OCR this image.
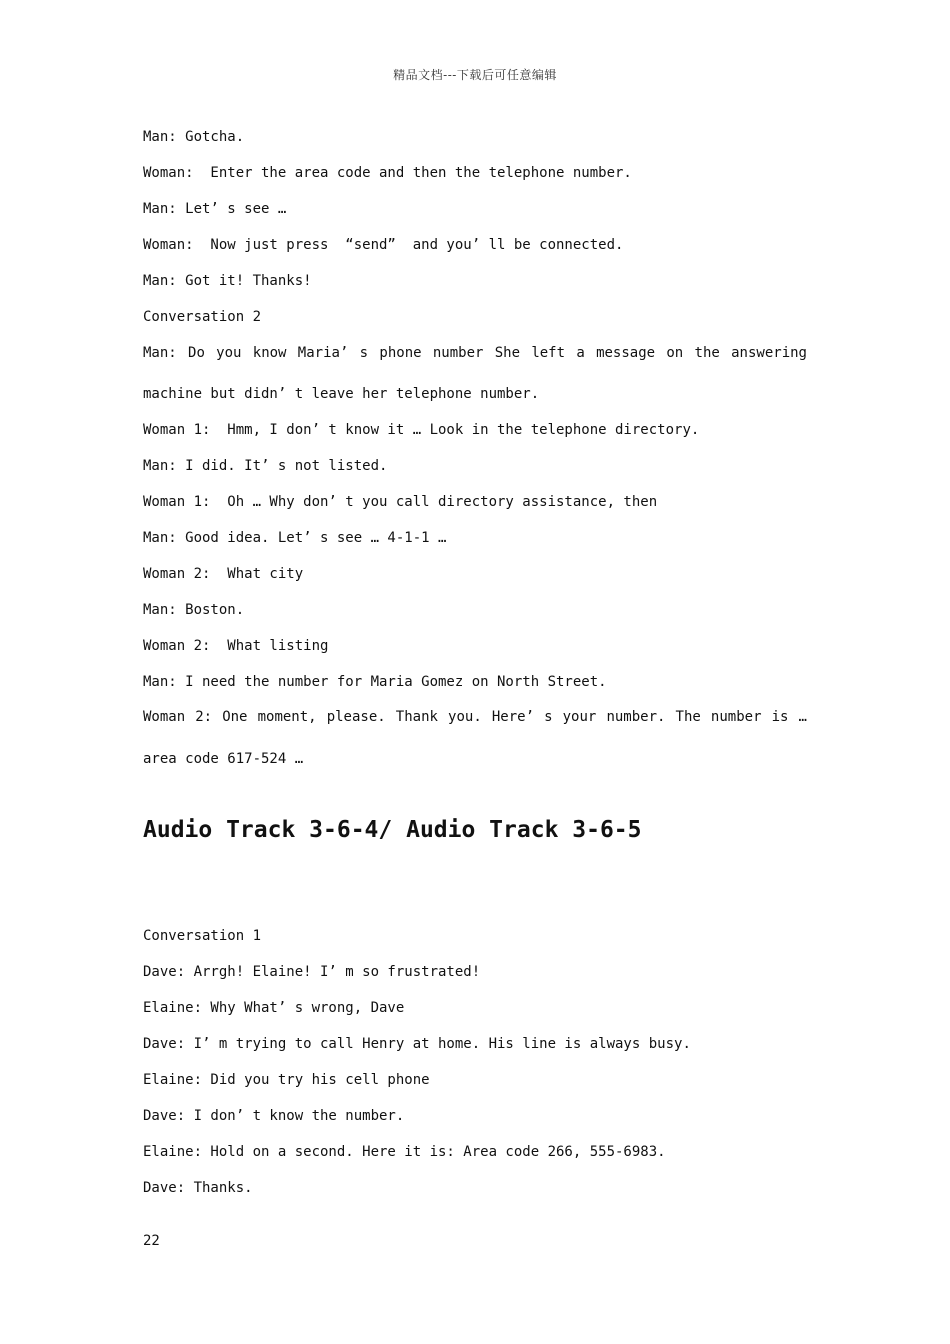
精品文档---下载后可任意编辑
Man: Gotcha.
Woman:  Enter the area code and then the telephone number.
Man: Let’ s see …
Woman:  Now just press  “send”  and you’ ll be connected.
Man: Got it! Thanks!
Conversation 2
Man: Do you know Maria’ s phone number She left a message on the answering
machine but didn’ t leave her telephone number.
Woman 1:  Hmm, I don’ t know it … Look in the telephone directory.
Man: I did. It’ s not listed.
Woman 1:  Oh … Why don’ t you call directory assistance, then
Man: Good idea. Let’ s see … 4-1-1 …
Woman 2:  What city
Man: Boston.
Woman 2:  What listing
Man: I need the number for Maria Gomez on North Street.
Woman 2: One moment, please. Thank you. Here’ s your number. The number is …
area code 617-524 …
Audio Track 3-6-4/ Audio Track 3-6-5
Conversation 1
Dave: Arrgh! Elaine! I’ m so frustrated!
Elaine: Why What’ s wrong, Dave
Dave: I’ m trying to call Henry at home. His line is always busy.
Elaine: Did you try his cell phone
Dave: I don’ t know the number.
Elaine: Hold on a second. Here it is: Area code 266, 555-6983.
Dave: Thanks.
22
